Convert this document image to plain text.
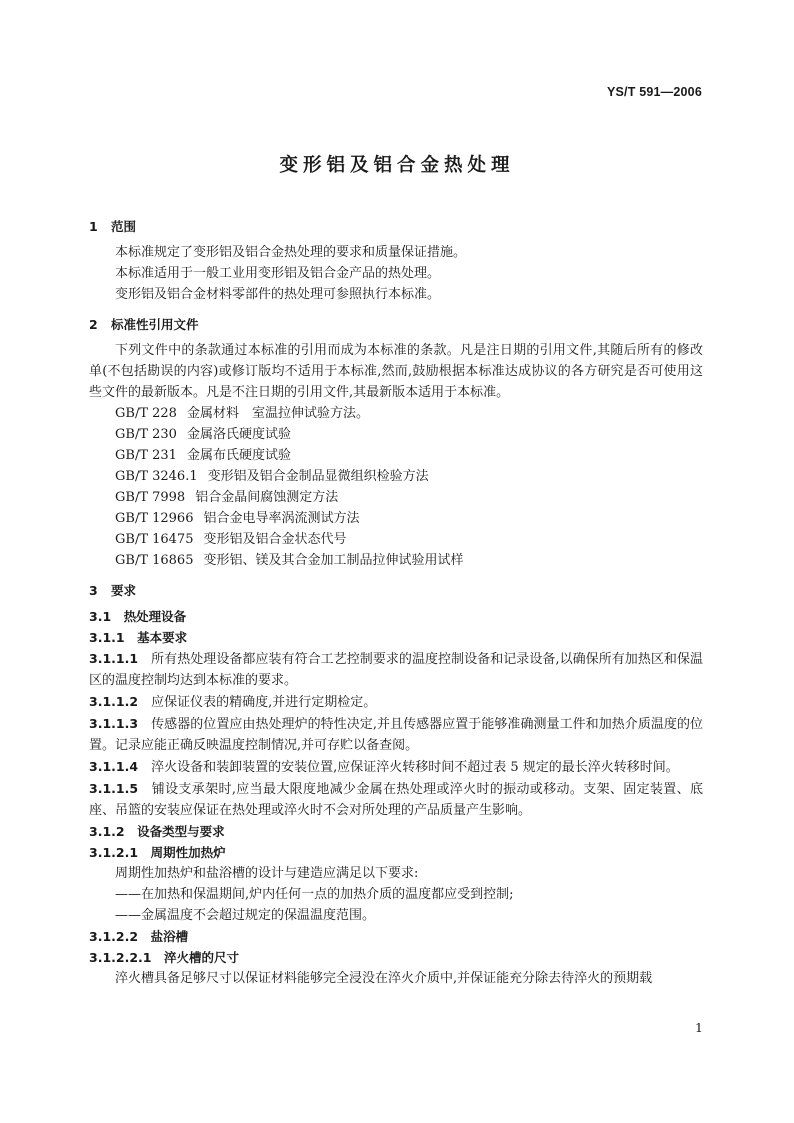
YS/T 591—2006
变形铝及铝合金热处理
1 范围
本标准规定了变形铝及铝合金热处理的要求和质量保证措施。
本标准适用于一般工业用变形铝及铝合金产品的热处理。
变形铝及铝合金材料零部件的热处理可参照执行本标准。
2 标准性引用文件
下列文件中的条款通过本标准的引用而成为本标准的条款。凡是注日期的引用文件,其随后所有的修改单(不包括勘误的内容)或修订版均不适用于本标准,然而,鼓励根据本标准达成协议的各方研究是否可使用这些文件的最新版本。凡是不注日期的引用文件,其最新版本适用于本标准。
GB/T 228 金属材料　室温拉伸试验方法。
GB/T 230 金属洛氏硬度试验
GB/T 231 金属布氏硬度试验
GB/T 3246.1 变形铝及铝合金制品显微组织检验方法
GB/T 7998 铝合金晶间腐蚀测定方法
GB/T 12966 铝合金电导率涡流测试方法
GB/T 16475 变形铝及铝合金状态代号
GB/T 16865 变形铝、镁及其合金加工制品拉伸试验用试样
3 要求
3.1　 热处理设备
3.1.1　 基本要求
3.1.1.1　 所有热处理设备都应装有符合工艺控制要求的温度控制设备和记录设备,以确保所有加热区和保温区的温度控制均达到本标准的要求。
3.1.1.2　 应保证仪表的精确度,并进行定期检定。
3.1.1.3　 传感器的位置应由热处理炉的特性决定,并且传感器应置于能够准确测量工件和加热介质温度的位置。记录应能正确反映温度控制情况,并可存贮以备查阅。
3.1.1.4　 淬火设备和装卸装置的安装位置,应保证淬火转移时间不超过表 5 规定的最长淬火转移时间。
3.1.1.5　 铺设支承架时,应当最大限度地减少金属在热处理或淬火时的振动或移动。支架、固定装置、底座、吊篮的安装应保证在热处理或淬火时不会对所处理的产品质量产生影响。
3.1.2　 设备类型与要求
3.1.2.1　 周期性加热炉
周期性加热炉和盐浴槽的设计与建造应满足以下要求:
——在加热和保温期间,炉内任何一点的加热介质的温度都应受到控制;
——金属温度不会超过规定的保温温度范围。
3.1.2.2　 盐浴槽
3.1.2.2.1　 淬火槽的尺寸
淬火槽具备足够尺寸以保证材料能够完全浸没在淬火介质中,并保证能充分除去待淬火的预期载
1
